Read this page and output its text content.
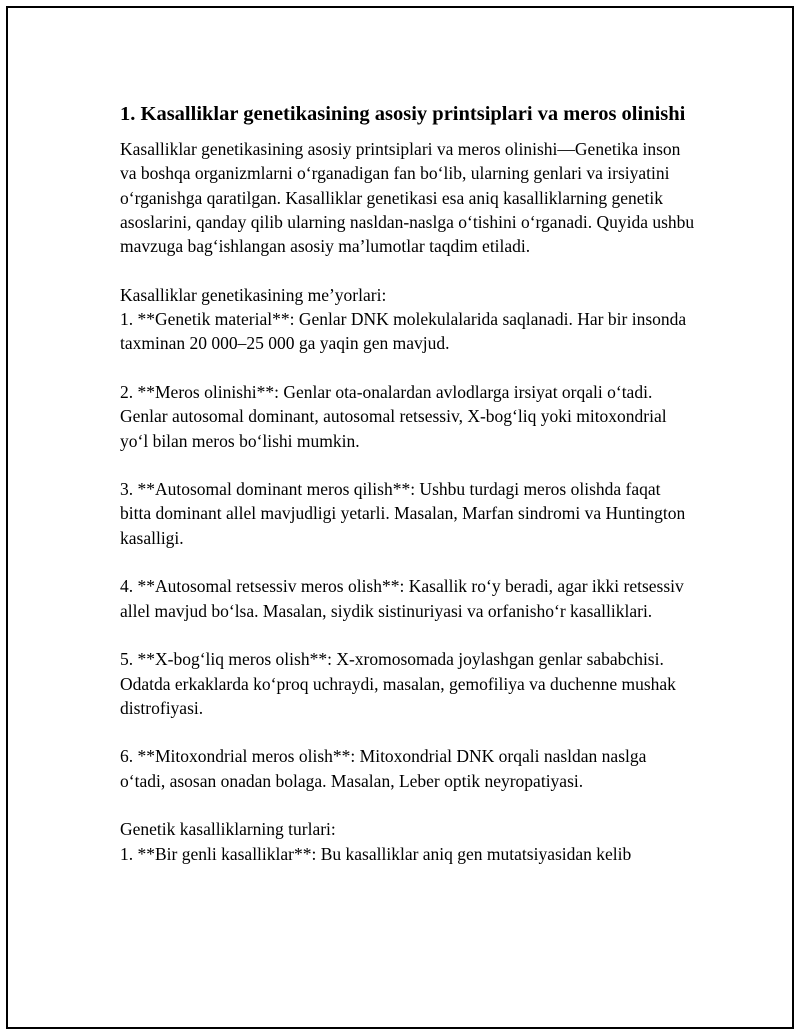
1. Kasalliklar genetikasining asosiy printsiplari va meros olinishi

Kasalliklar genetikasining asosiy printsiplari va meros olinishi—Genetika inson va boshqa organizmlarni o‘rganadigan fan bo‘lib, ularning genlari va irsiyatini o‘rganishga qaratilgan. Kasalliklar genetikasi esa aniq kasalliklarning genetik asoslarini, qanday qilib ularning nasldan-naslga o‘tishini o‘rganadi. Quyida ushbu mavzuga bag‘ishlangan asosiy ma’lumotlar taqdim etiladi.

Kasalliklar genetikasining me’yorlari:

1. **Genetik material**: Genlar DNK molekulalarida saqlanadi. Har bir insonda taxminan 20 000–25 000 ga yaqin gen mavjud.

2. **Meros olinishi**: Genlar ota-onalardan avlodlarga irsiyat orqali o‘tadi. Genlar autosomal dominant, autosomal retsessiv, X-bog‘liq yoki mitoxondrial yo‘l bilan meros bo‘lishi mumkin.

3. **Autosomal dominant meros qilish**: Ushbu turdagi meros olishda faqat bitta dominant allel mavjudligi yetarli. Masalan, Marfan sindromi va Huntington kasalligi.

4. **Autosomal retsessiv meros olish**: Kasallik ro‘y beradi, agar ikki retsessiv allel mavjud bo‘lsa. Masalan, siydik sistinuriyasi va orfanisho‘r kasalliklari.

5. **X-bog‘liq meros olish**: X-xromosomada joylashgan genlar sababchisi. Odatda erkaklarda ko‘proq uchraydi, masalan, gemofiliya va duchenne mushak distrofiyasi.

6. **Mitoxondrial meros olish**: Mitoxondrial DNK orqali nasldan naslga o‘tadi, asosan onadan bolaga. Masalan, Leber optik neyropatiyasi.

Genetik kasalliklarning turlari:

1. **Bir genli kasalliklar**: Bu kasalliklar aniq gen mutatsiyasidan kelib
